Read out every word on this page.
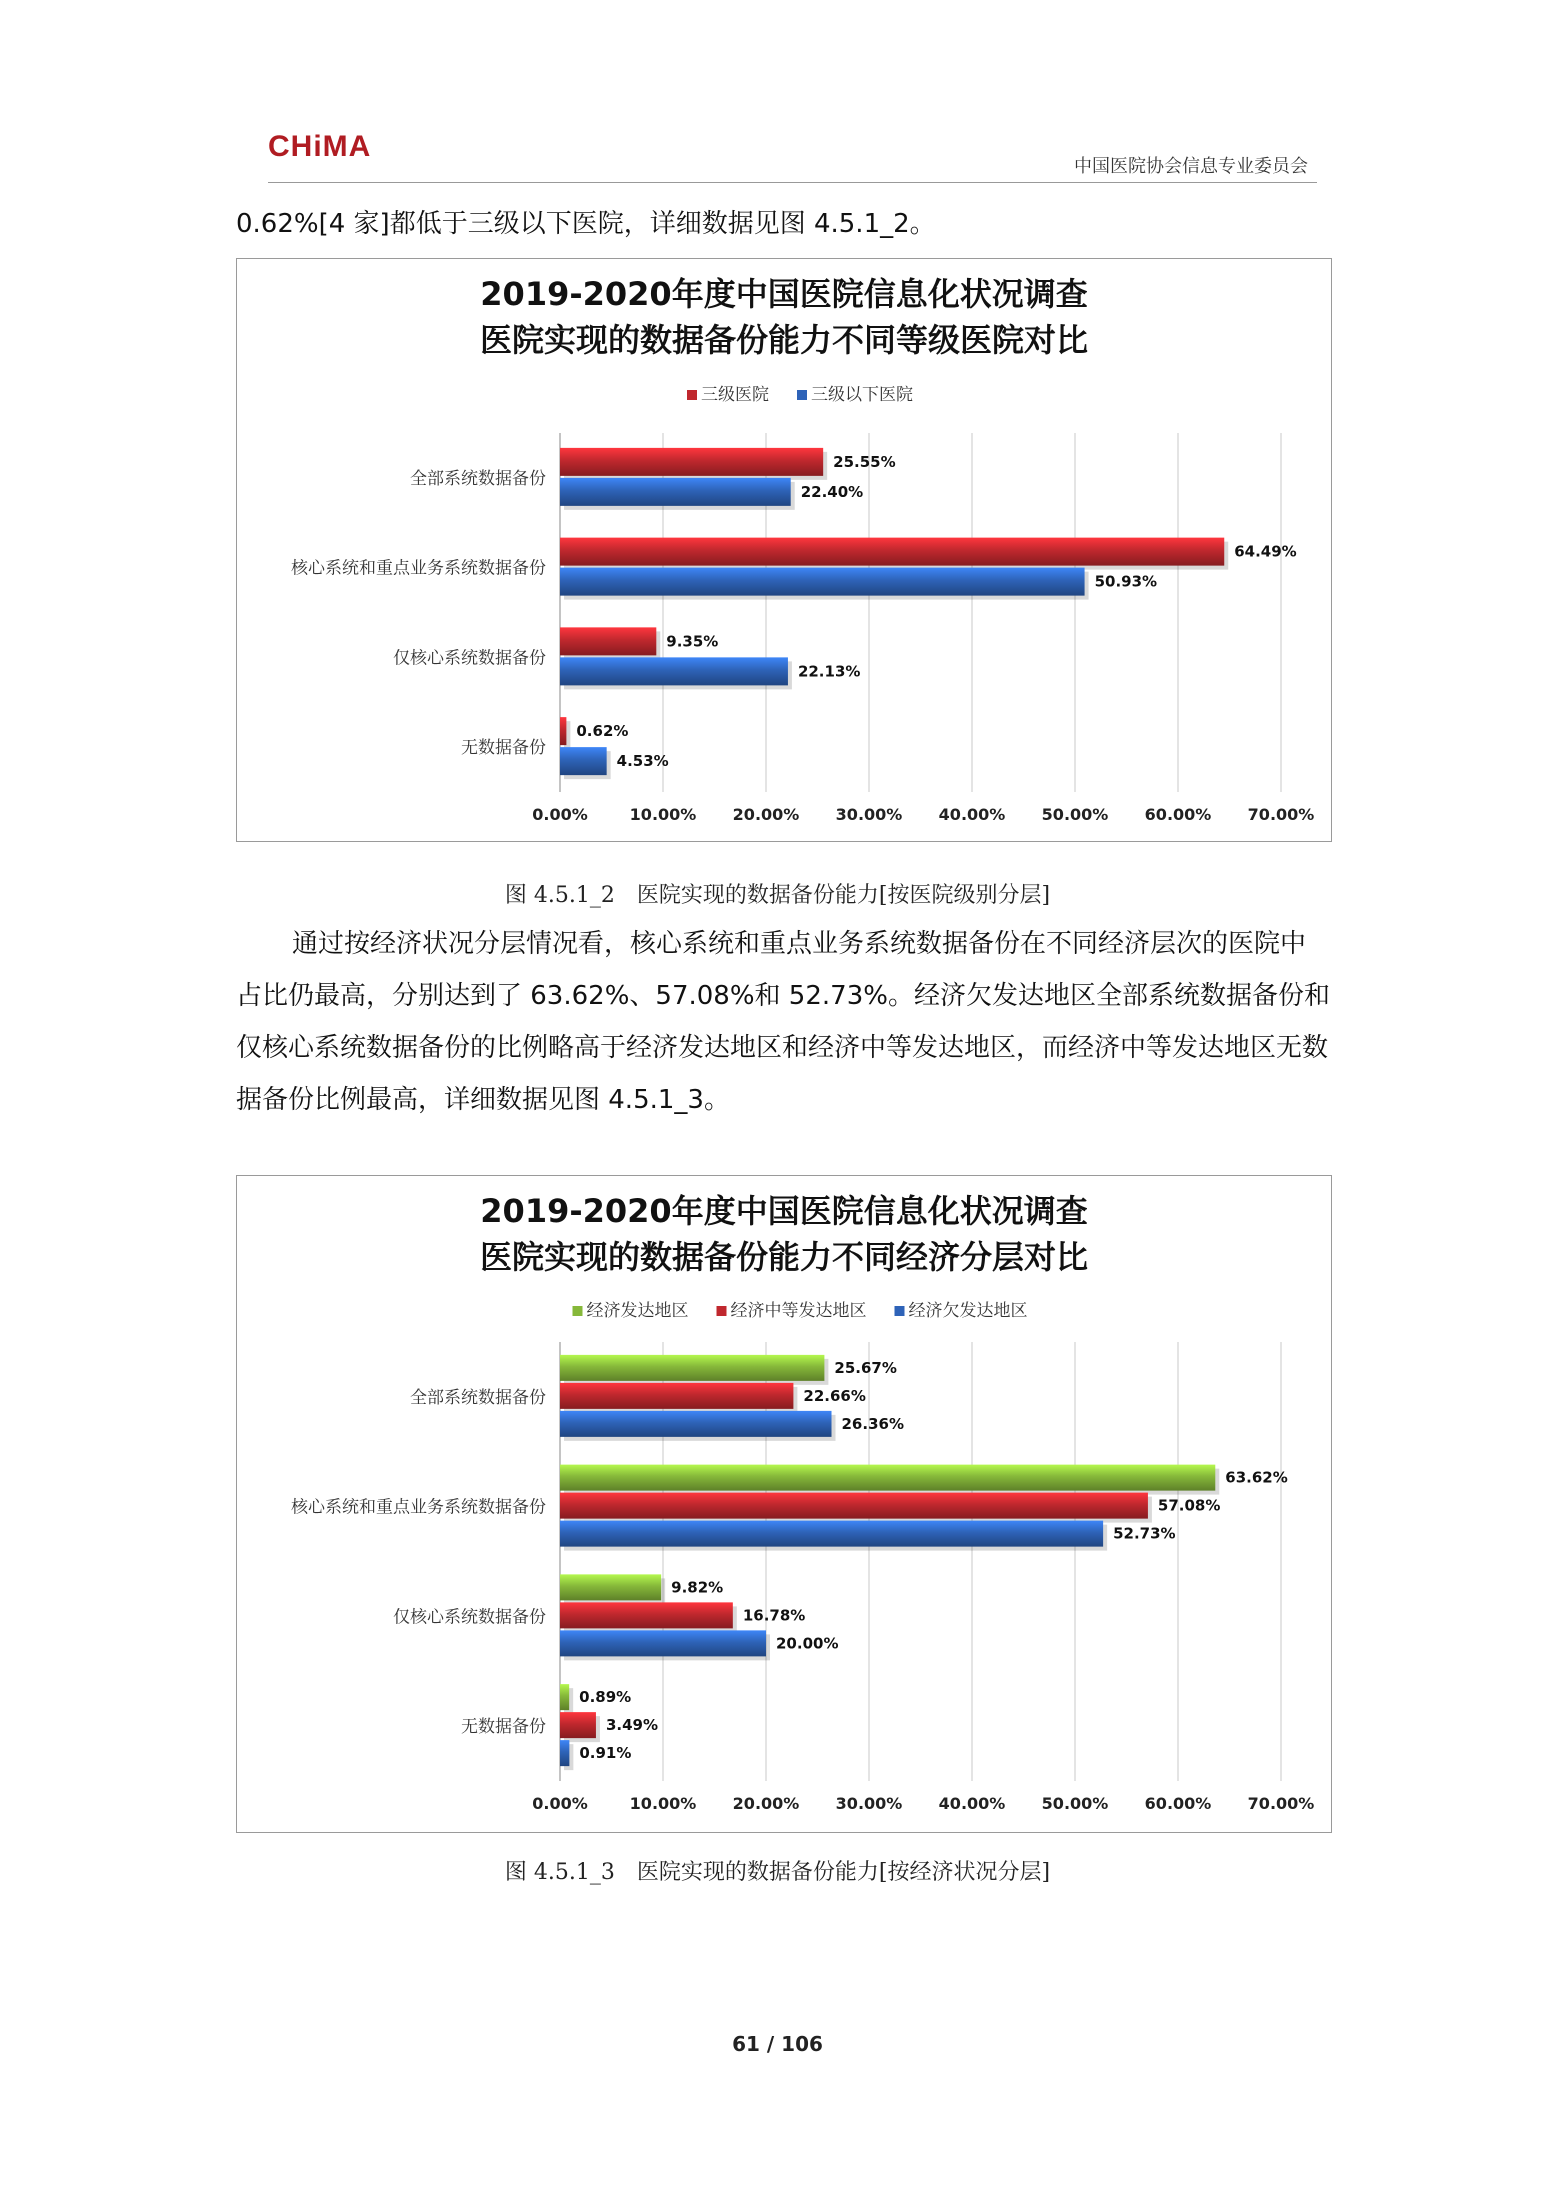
CHiMA
中国医院协会信息专业委员会
0.62%[4 家]都低于三级以下医院，详细数据见图 4.5.1_2。
2019-2020年度中国医院信息化状况调查
医院实现的数据备份能力不同等级医院对比
三级医院 三级以下医院
0.00%	10.00% 20.00% 30.00% 40.00% 50.00% 60.00% 70.00%
全部系统数据备份
25.55%
22.40%
核心系统和重点业务系统数据备份
64.49%
50.93%
仅核心系统数据备份
9.35%
22.13%
无数据备份
0.62%
4.53%
图 4.5.1_2　医院实现的数据备份能力[按医院级别分层]
通过按经济状况分层情况看，核心系统和重点业务系统数据备份在不同经济层次的医院中占比仍最高，分别达到了 63.62%、57.08%和 52.73%。经济欠发达地区全部系统数据备份和仅核心系统数据备份的比例略高于经济发达地区和经济中等发达地区，而经济中等发达地区无数据备份比例最高，详细数据见图 4.5.1_3。
2019-2020年度中国医院信息化状况调查
医院实现的数据备份能力不同经济分层对比
经济发达地区 经济中等发达地区 经济欠发达地区
0.00%	10.00% 20.00% 30.00% 40.00% 50.00% 60.00% 70.00%
全部系统数据备份
25.67%
22.66%
26.36%
核心系统和重点业务系统数据备份
63.62%
57.08%
52.73%
仅核心系统数据备份
9.82%
16.78%
20.00%
无数据备份
0.89%
3.49%
0.91%
图 4.5.1_3　医院实现的数据备份能力[按经济状况分层]
61 / 106
